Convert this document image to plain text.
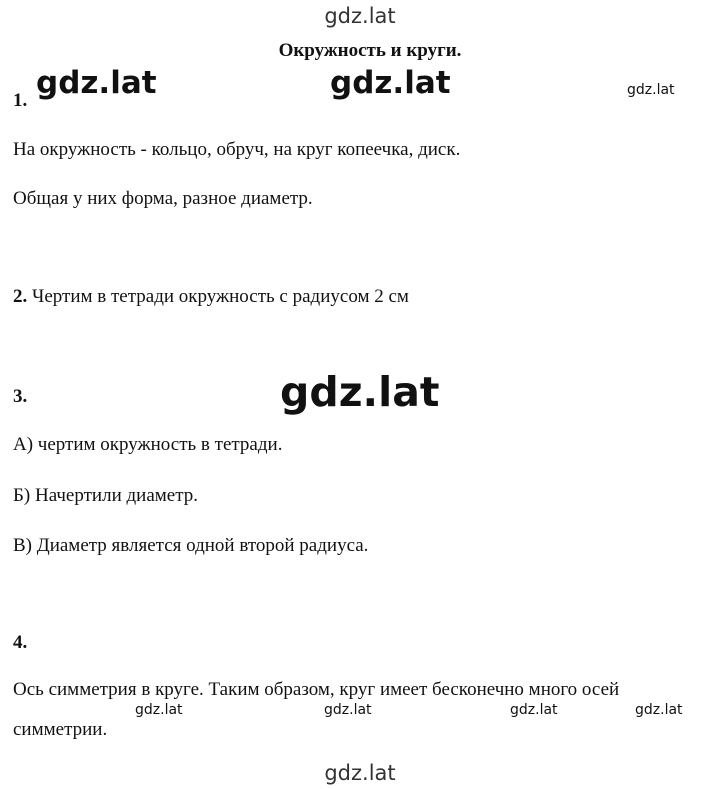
gdz.lat
Окружность и круги.
1. gdz.lat	gdz.lat	gdz.lat
На окружность - кольцо, обруч, на круг копеечка, диск.
Общая у них форма, разное диаметр.
2. Чертим в тетради окружность с радиусом 2 см
3.	gdz.lat
А) чертим окружность в тетради.
Б) Начертили диаметр.
В) Диаметр является одной второй радиуса.
4.
Ось симметрия в круге. Таким образом, круг имеет бесконечно много осей
gdz.lat	gdz.lat	gdz.lat	gdz.lat
симметрии.
gdz.lat
